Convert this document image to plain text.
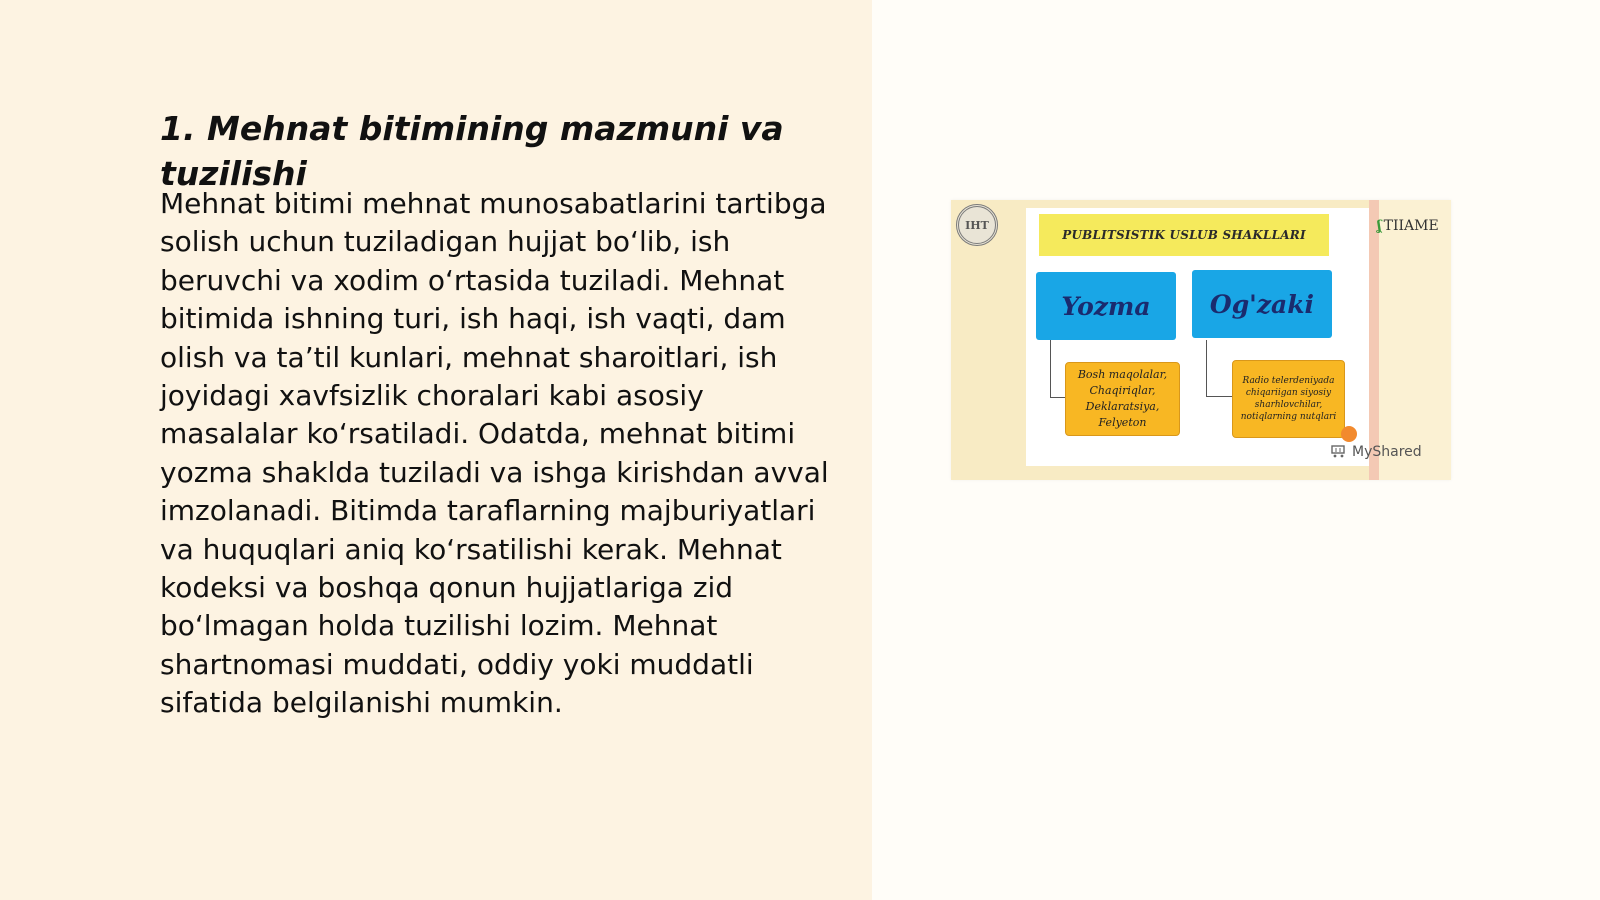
1. Mehnat bitimining mazmuni va tuzilishi

Mehnat bitimi mehnat munosabatlarini tartibga solish uchun tuziladigan hujjat bo‘lib, ish beruvchi va xodim o‘rtasida tuziladi. Mehnat bitimida ishning turi, ish haqi, ish vaqti, dam olish va ta’til kunlari, mehnat sharoitlari, ish joyidagi xavfsizlik choralari kabi asosiy masalalar ko‘rsatiladi. Odatda, mehnat bitimi yozma shaklda tuziladi va ishga kirishdan avval imzolanadi. Bitimda taraflarning majburiyatlari va huquqlari aniq ko‘rsatilishi kerak. Mehnat kodeksi va boshqa qonun hujjatlariga zid bo‘lmagan holda tuzilishi lozim. Mehnat shartnomasi muddati, oddiy yoki muddatli sifatida belgilanishi mumkin.

IHT
PUBLITSISTIK USLUB SHAKLLARI
ʆ TIIAME
Yozma	Og'zaki
Bosh maqolalar, Chaqiriqlar, Deklaratsiya, Felyeton
Radio telerdeniyada chiqariigan siyosiy sharhlovchilar, notiqlarning nutqlari
MyShared
